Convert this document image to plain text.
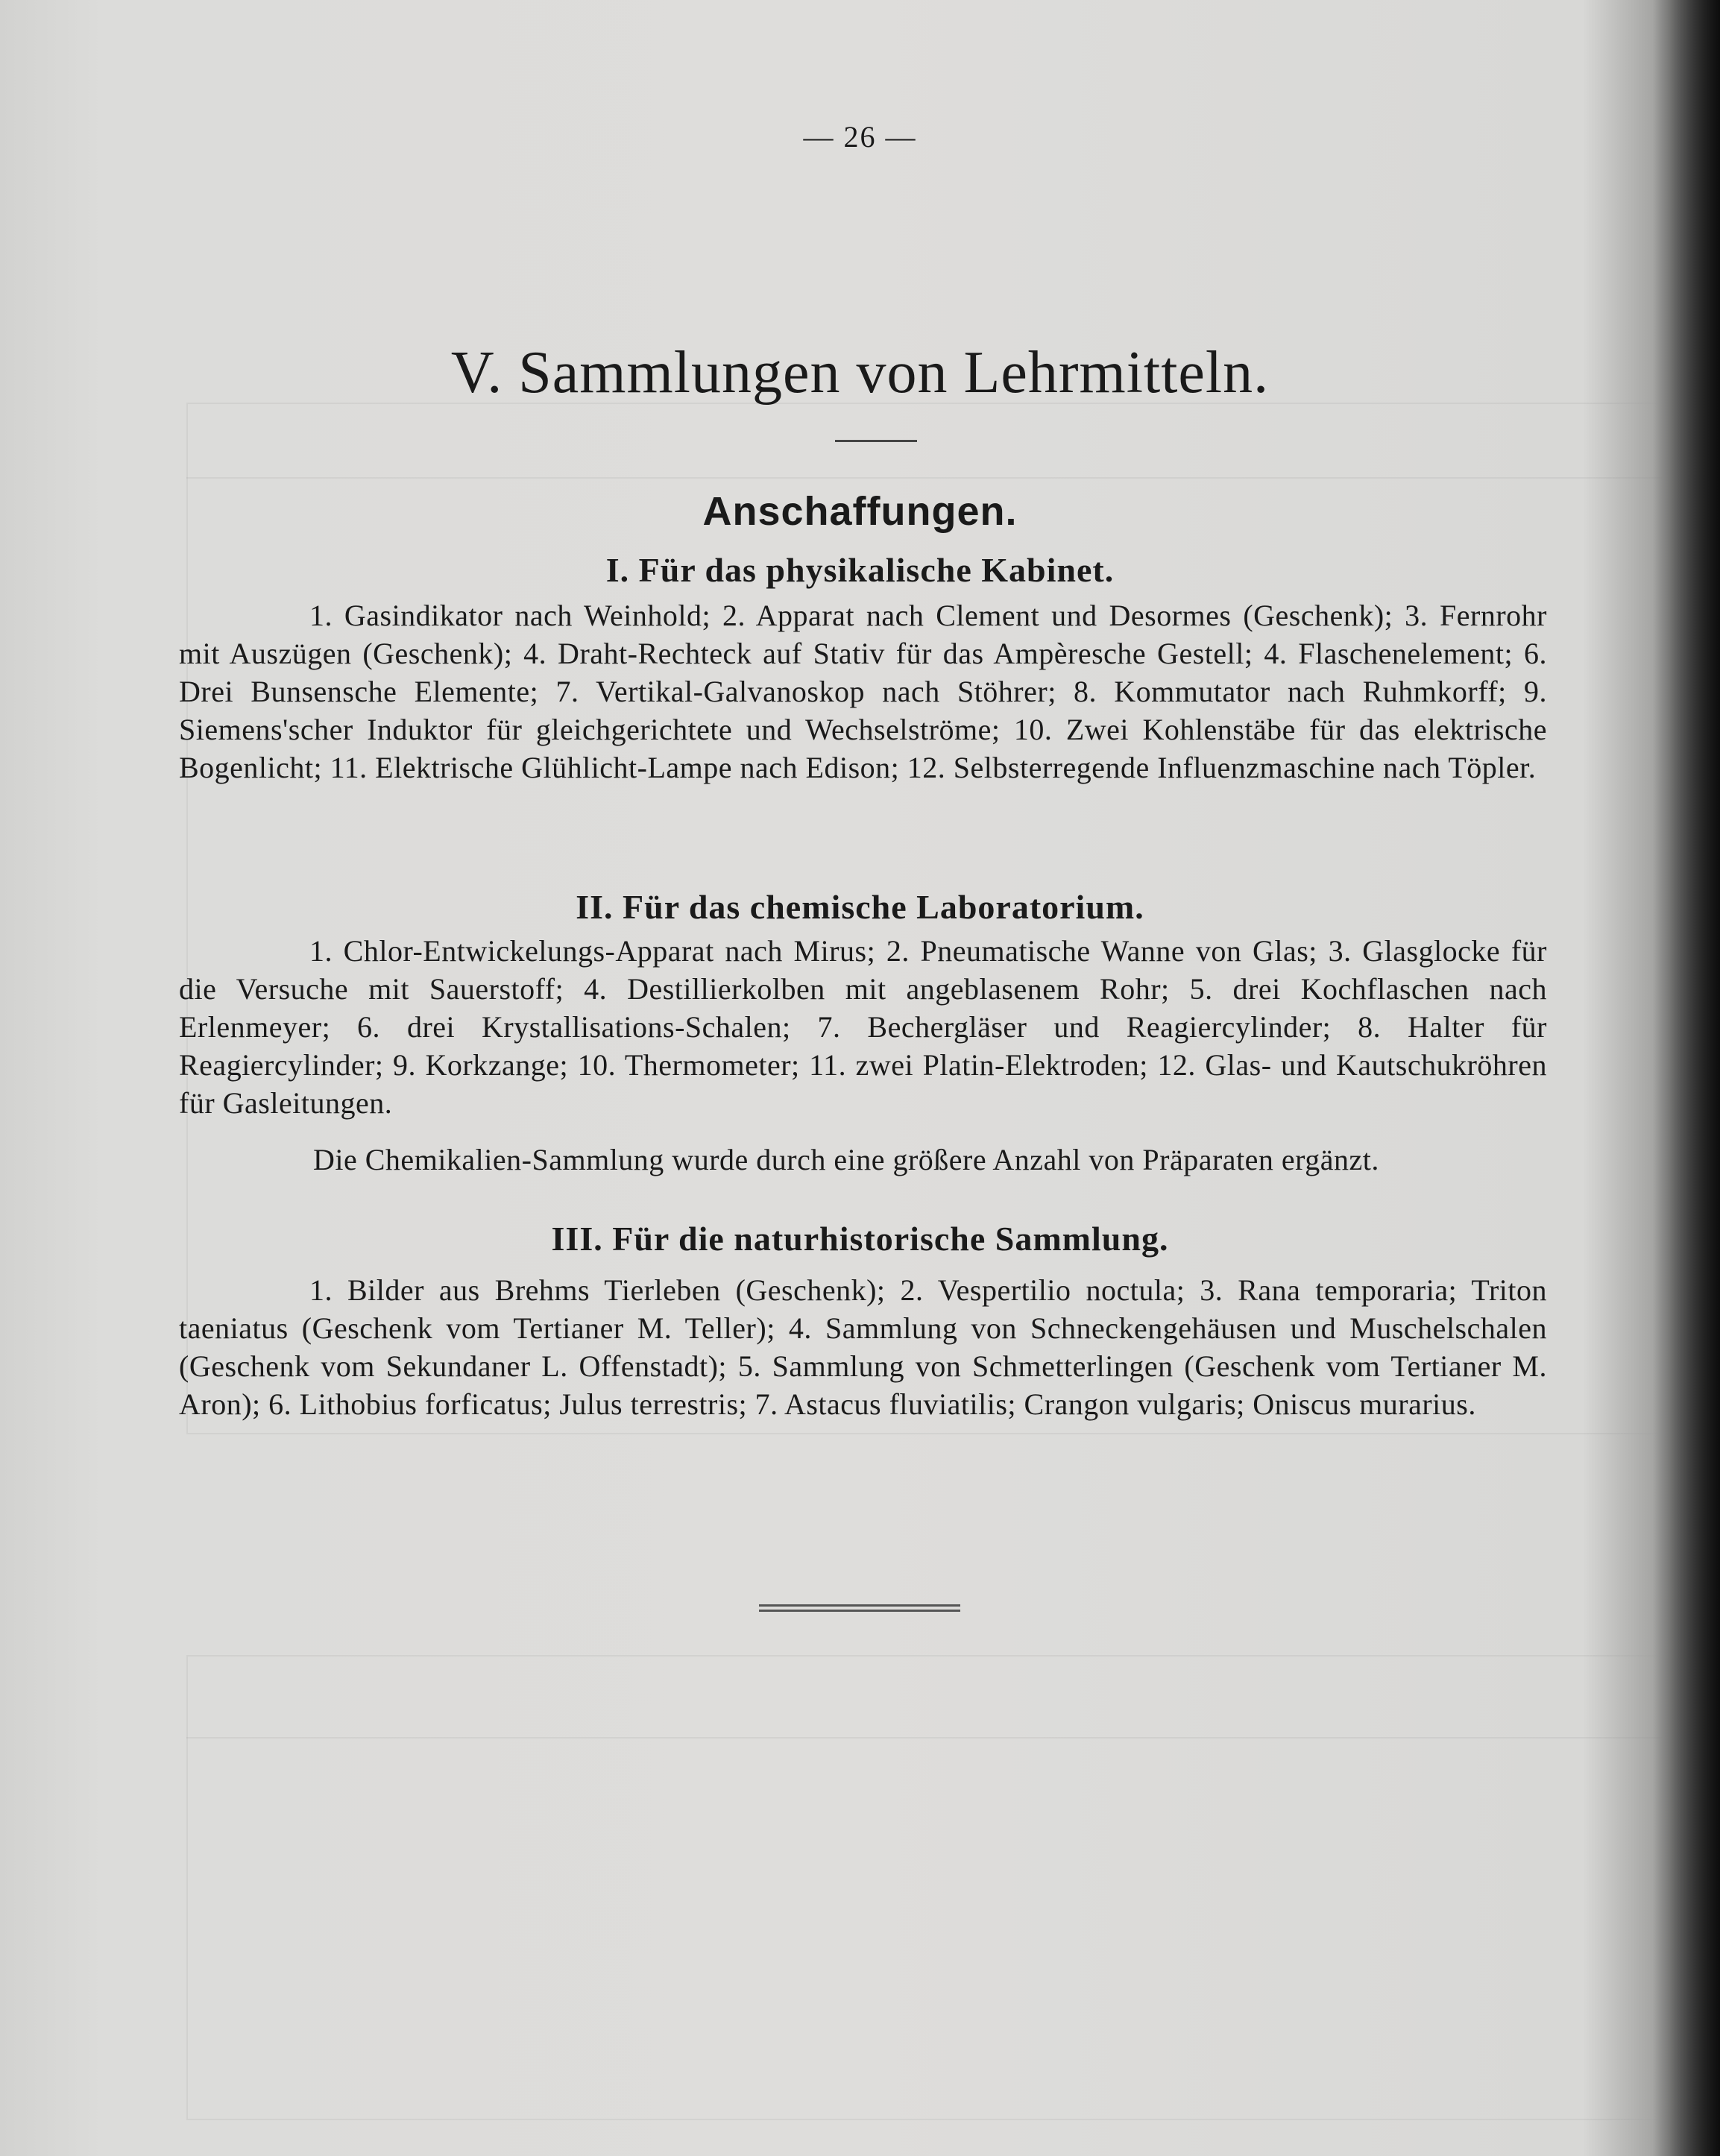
— 26 —
V. Sammlungen von Lehrmitteln.
Anschaffungen.
I. Für das physikalische Kabinet.
1. Gasindikator nach Weinhold; 2. Apparat nach Clement und Desormes (Geschenk); 3. Fernrohr mit Auszügen (Geschenk); 4. Draht-Rechteck auf Stativ für das Ampèresche Gestell; 4. Flaschenelement; 6. Drei Bunsensche Elemente; 7. Vertikal-Galvanoskop nach Stöhrer; 8. Kommutator nach Ruhmkorff; 9. Siemens'scher Induktor für gleichgerichtete und Wechselströme; 10. Zwei Kohlenstäbe für das elektrische Bogenlicht; 11. Elektrische Glühlicht-Lampe nach Edison; 12. Selbsterregende Influenzmaschine nach Töpler.
II. Für das chemische Laboratorium.
1. Chlor-Entwickelungs-Apparat nach Mirus; 2. Pneumatische Wanne von Glas; 3. Glasglocke für die Versuche mit Sauerstoff; 4. Destillierkolben mit angeblasenem Rohr; 5. drei Kochflaschen nach Erlenmeyer; 6. drei Krystallisations-Schalen; 7. Bechergläser und Reagiercylinder; 8. Halter für Reagiercylinder; 9. Korkzange; 10. Thermometer; 11. zwei Platin-Elektroden; 12. Glas- und Kautschukröhren für Gasleitungen.
Die Chemikalien-Sammlung wurde durch eine größere Anzahl von Präparaten ergänzt.
III. Für die naturhistorische Sammlung.
1. Bilder aus Brehms Tierleben (Geschenk); 2. Vespertilio noctula; 3. Rana temporaria; Triton taeniatus (Geschenk vom Tertianer M. Teller); 4. Sammlung von Schneckengehäusen und Muschelschalen (Geschenk vom Sekundaner L. Offenstadt); 5. Sammlung von Schmetterlingen (Geschenk vom Tertianer M. Aron); 6. Lithobius forficatus; Julus terrestris; 7. Astacus fluviatilis; Crangon vulgaris; Oniscus murarius.
